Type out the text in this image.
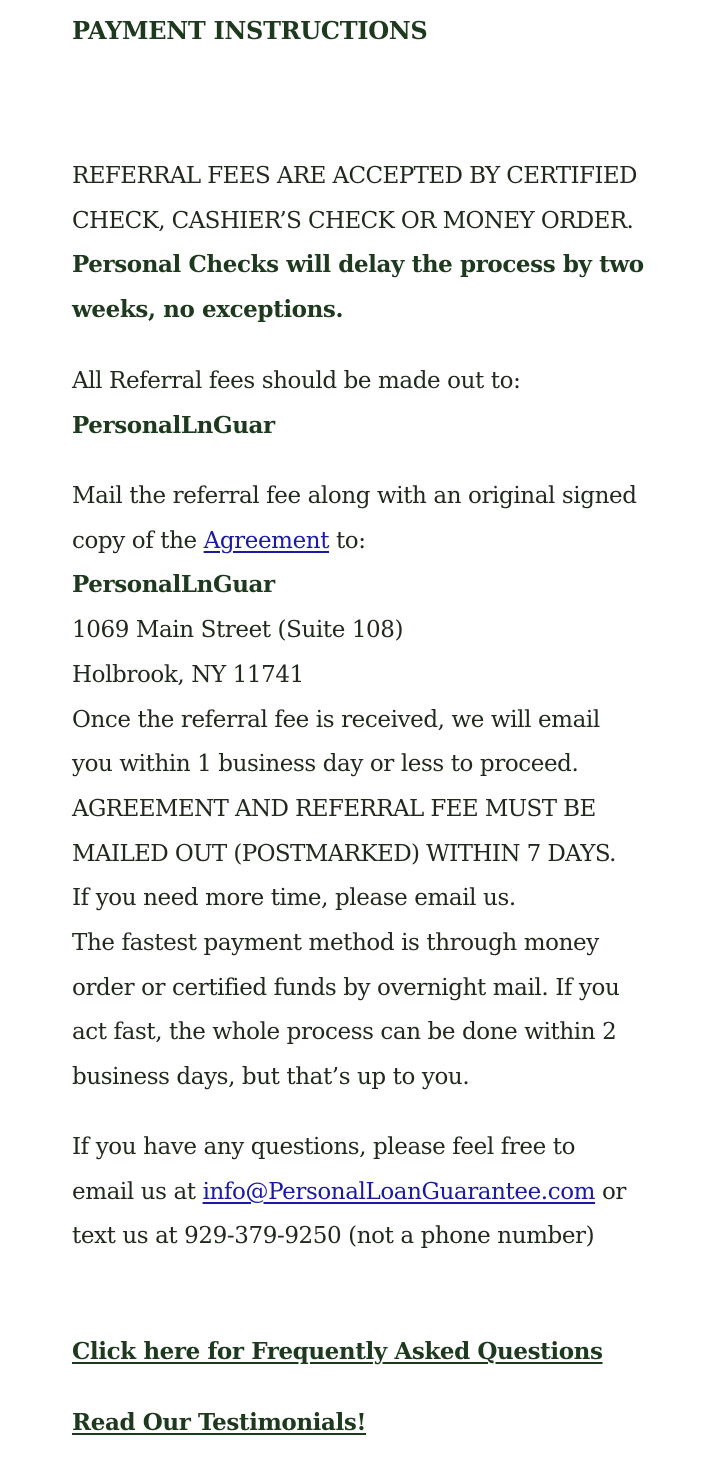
PAYMENT INSTRUCTIONS

REFERRAL FEES ARE ACCEPTED BY CERTIFIED
CHECK, CASHIER’S CHECK OR MONEY ORDER.
Personal Checks will delay the process by two
weeks, no exceptions.

All Referral fees should be made out to:
PersonalLnGuar

Mail the referral fee along with an original signed
copy of the Agreement to:
PersonalLnGuar
1069 Main Street (Suite 108)
Holbrook, NY 11741
Once the referral fee is received, we will email
you within 1 business day or less to proceed.
AGREEMENT AND REFERRAL FEE MUST BE
MAILED OUT (POSTMARKED) WITHIN 7 DAYS.
If you need more time, please email us.
The fastest payment method is through money
order or certified funds by overnight mail. If you
act fast, the whole process can be done within 2
business days, but that’s up to you.

If you have any questions, please feel free to
email us at info@PersonalLoanGuarantee.com or
text us at 929-379-9250 (not a phone number)

Click here for Frequently Asked Questions

Read Our Testimonials!
